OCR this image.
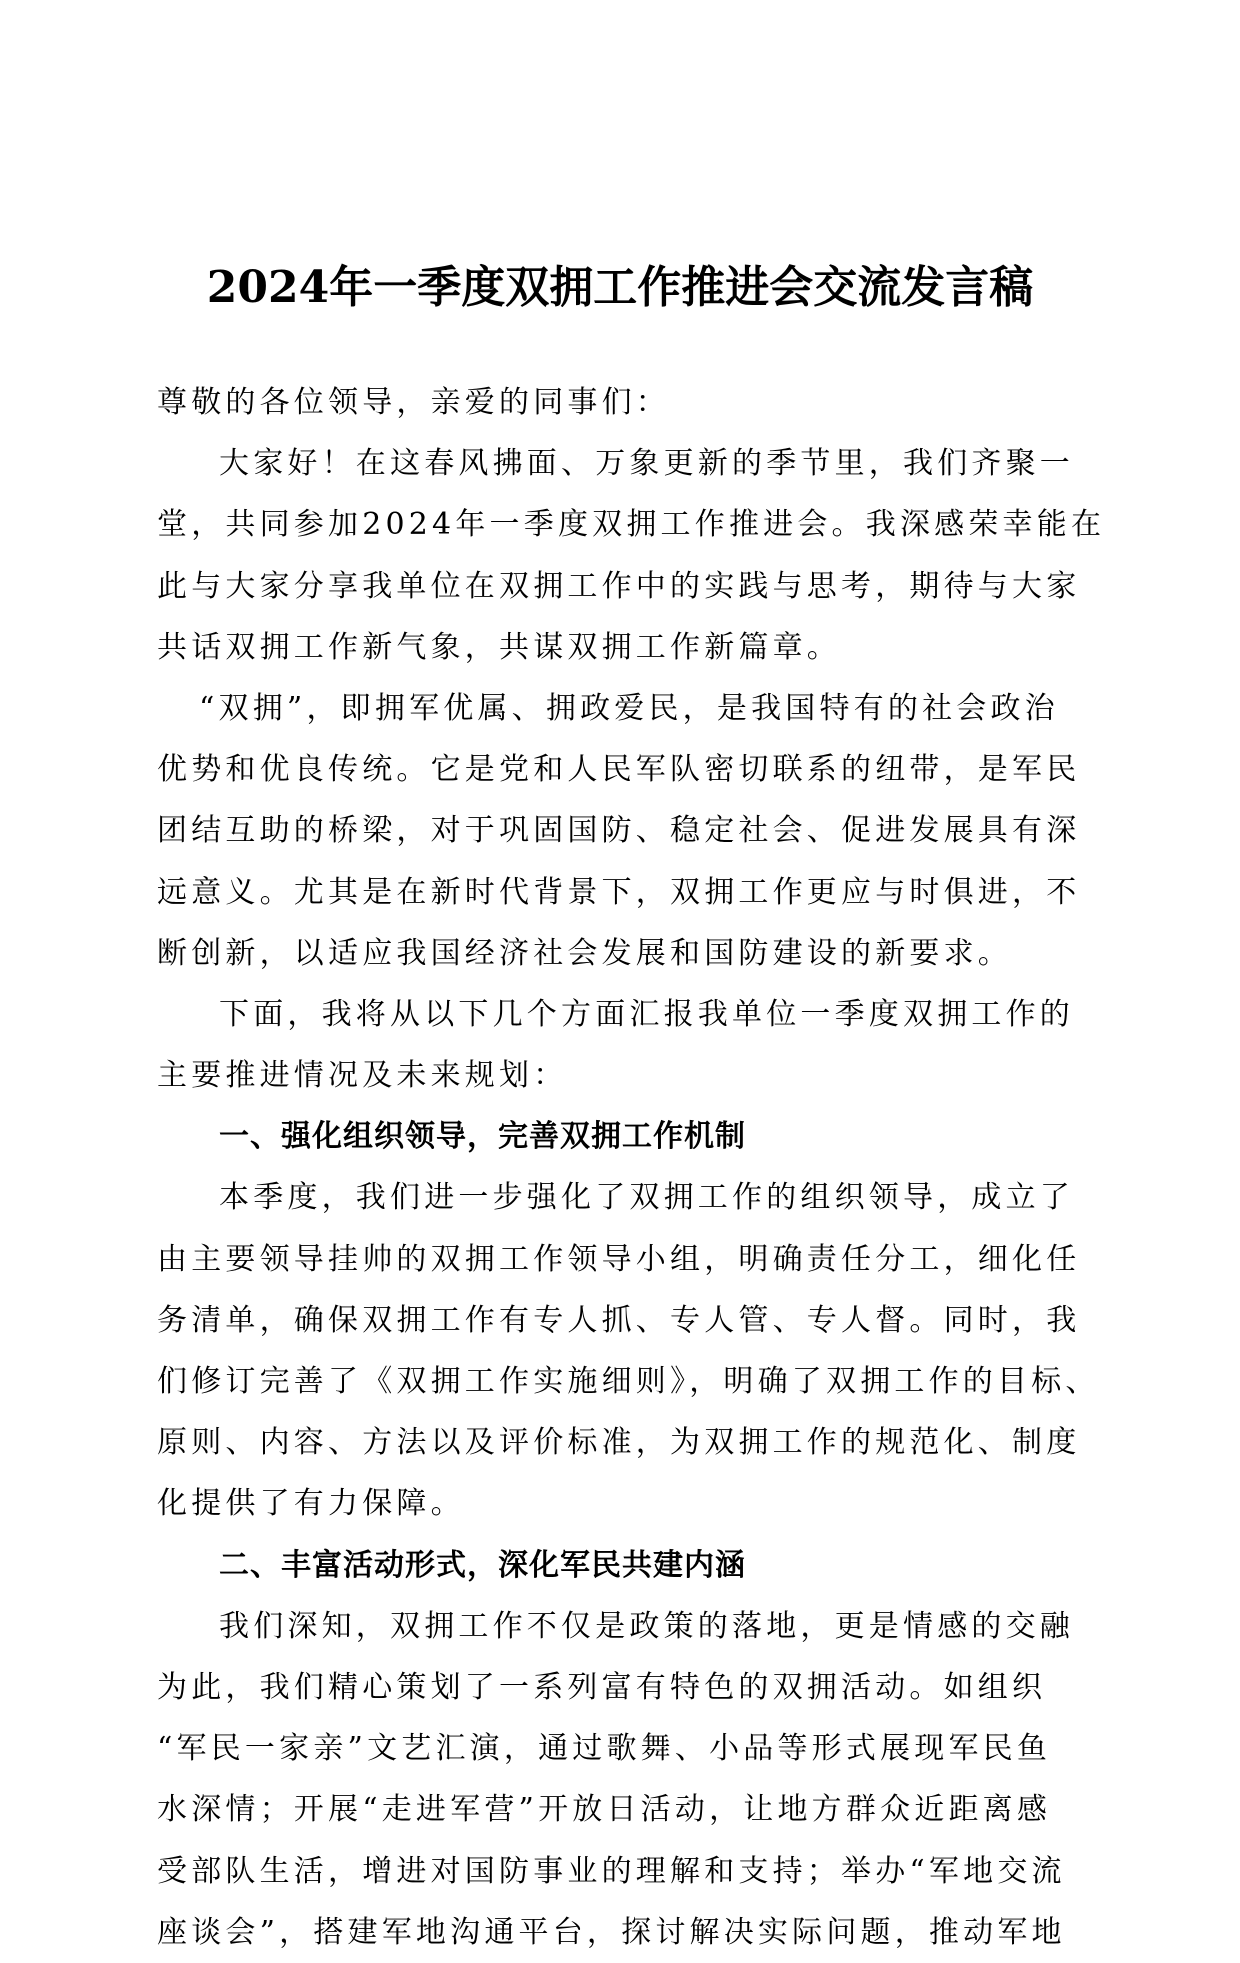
2024年一季度双拥工作推进会交流发言稿
尊敬的各位领导，亲爱的同事们：
大家好！在这春风拂面、万象更新的季节里，我们齐聚一
堂，共同参加2024年一季度双拥工作推进会。我深感荣幸能在
此与大家分享我单位在双拥工作中的实践与思考，期待与大家
共话双拥工作新气象，共谋双拥工作新篇章。
“双拥”，即拥军优属、拥政爱民，是我国特有的社会政治
优势和优良传统。它是党和人民军队密切联系的纽带，是军民
团结互助的桥梁，对于巩固国防、稳定社会、促进发展具有深
远意义。尤其是在新时代背景下，双拥工作更应与时俱进，不
断创新，以适应我国经济社会发展和国防建设的新要求。
下面，我将从以下几个方面汇报我单位一季度双拥工作的
主要推进情况及未来规划：
一、强化组织领导，完善双拥工作机制
本季度，我们进一步强化了双拥工作的组织领导，成立了
由主要领导挂帅的双拥工作领导小组，明确责任分工，细化任
务清单，确保双拥工作有专人抓、专人管、专人督。同时，我
们修订完善了《双拥工作实施细则》，明确了双拥工作的目标、
原则、内容、方法以及评价标准，为双拥工作的规范化、制度
化提供了有力保障。
二、丰富活动形式，深化军民共建内涵
我们深知，双拥工作不仅是政策的落地，更是情感的交融
为此，我们精心策划了一系列富有特色的双拥活动。如组织
“军民一家亲”文艺汇演，通过歌舞、小品等形式展现军民鱼
水深情；开展“走进军营”开放日活动，让地方群众近距离感
受部队生活，增进对国防事业的理解和支持；举办“军地交流
座谈会”，搭建军地沟通平台，探讨解决实际问题，推动军地
